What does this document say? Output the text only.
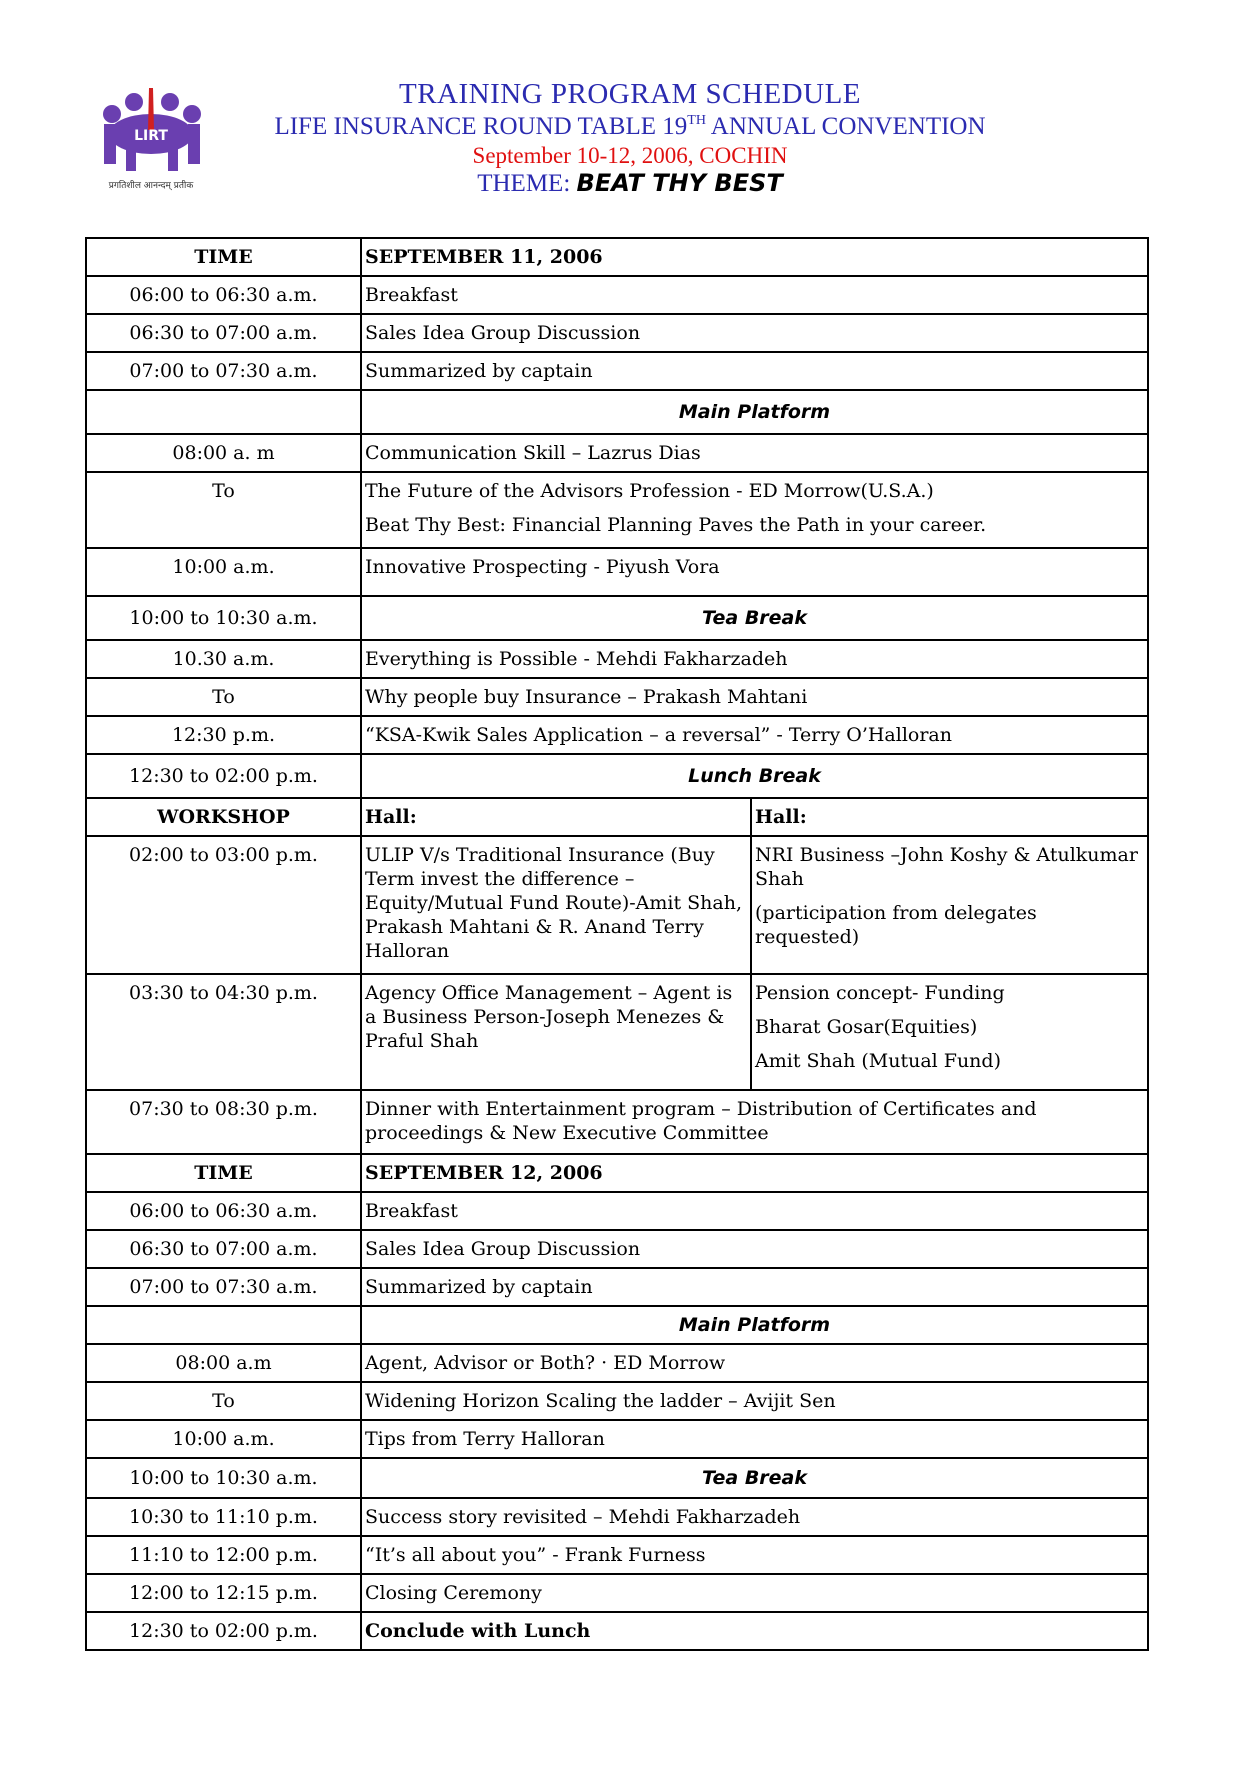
LIRT
प्रगतिशील आनन्दम् प्रतीक
TRAINING PROGRAM SCHEDULE
LIFE INSURANCE ROUND TABLE 19TH ANNUAL CONVENTION
September 10-12, 2006, COCHIN
THEME: BEAT THY BEST
TIME	SEPTEMBER 11, 2006	
06:00 to 06:30 a.m.	Breakfast	
06:30 to 07:00 a.m.	Sales Idea Group Discussion	
07:00 to 07:30 a.m.	Summarized by captain	
	Main Platform	
08:00 a. m	Communication Skill – Lazrus Dias	
To	The Future of the Advisors Profession - ED Morrow(U.S.A.)
Beat Thy Best: Financial Planning Paves the Path in your career.	

10:00 a.m.	Innovative Prospecting - Piyush Vora	
10:00 to 10:30 a.m.	Tea Break	
10.30 a.m.	Everything is Possible - Mehdi Fakharzadeh	
To	Why people buy Insurance – Prakash Mahtani	
12:30 p.m.	“KSA-Kwik Sales Application – a reversal” - Terry O’Halloran	
12:30 to 02:00 p.m.	Lunch Break	
WORKSHOP	Hall:	Hall:
02:00 to 03:00 p.m.	ULIP V/s Traditional Insurance (Buy Term invest the difference – Equity/Mutual Fund Route)-Amit Shah, Prakash Mahtani & R. Anand Terry Halloran	NRI Business –John Koshy & Atulkumar Shah
(participation from delegates requested)

03:30 to 04:30 p.m.	Agency Office Management – Agent is a Business Person-Joseph Menezes & Praful Shah	Pension concept- Funding
Bharat Gosar(Equities)
Amit Shah (Mutual Fund)

07:30 to 08:30 p.m.	Dinner with Entertainment program – Distribution of Certificates and proceedings & New Executive Committee	
TIME	SEPTEMBER 12, 2006
06:00 to 06:30 a.m.	Breakfast
06:30 to 07:00 a.m.	Sales Idea Group Discussion
07:00 to 07:30 a.m.	Summarized by captain
	Main Platform
08:00 a.m	Agent, Advisor or Both? · ED Morrow
To	Widening Horizon Scaling the ladder – Avijit Sen
10:00 a.m.	Tips from Terry Halloran
10:00 to 10:30 a.m.	Tea Break
10:30 to 11:10 p.m.	Success story revisited – Mehdi Fakharzadeh
11:10 to 12:00 p.m.	“It’s all about you” - Frank Furness
12:00 to 12:15 p.m.	Closing Ceremony
12:30 to 02:00 p.m.	Conclude with Lunch
